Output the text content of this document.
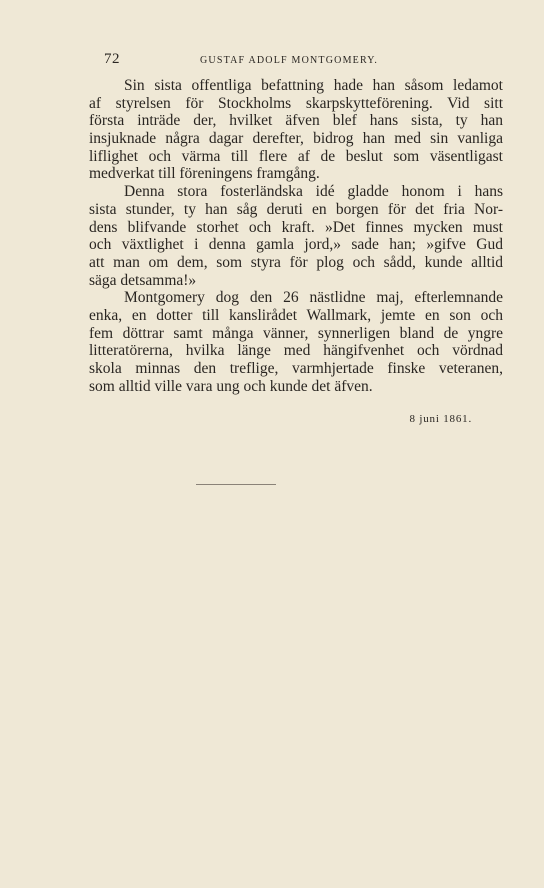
72	GUSTAF ADOLF MONTGOMERY.
Sin sista offentliga befattning hade han såsom ledamot
af styrelsen för Stockholms skarpskytteförening. Vid sitt
första inträde der, hvilket äfven blef hans sista, ty han
insjuknade några dagar derefter, bidrog han med sin vanliga
liflighet och värma till flere af de beslut som väsentligast
medverkat till föreningens framgång.
Denna stora fosterländska idé gladde honom i hans
sista stunder, ty han såg deruti en borgen för det fria Nor-
dens blifvande storhet och kraft. »Det finnes mycken must
och växtlighet i denna gamla jord,» sade han; »gifve Gud
att man om dem, som styra för plog och sådd, kunde alltid
säga detsamma!»
Montgomery dog den 26 nästlidne maj, efterlemnande
enka, en dotter till kanslirådet Wallmark, jemte en son och
fem döttrar samt många vänner, synnerligen bland de yngre
litteratörerna, hvilka länge med hängifvenhet och vördnad
skola minnas den treflige, varmhjertade finske veteranen,
som alltid ville vara ung och kunde det äfven.
8 juni 1861.
